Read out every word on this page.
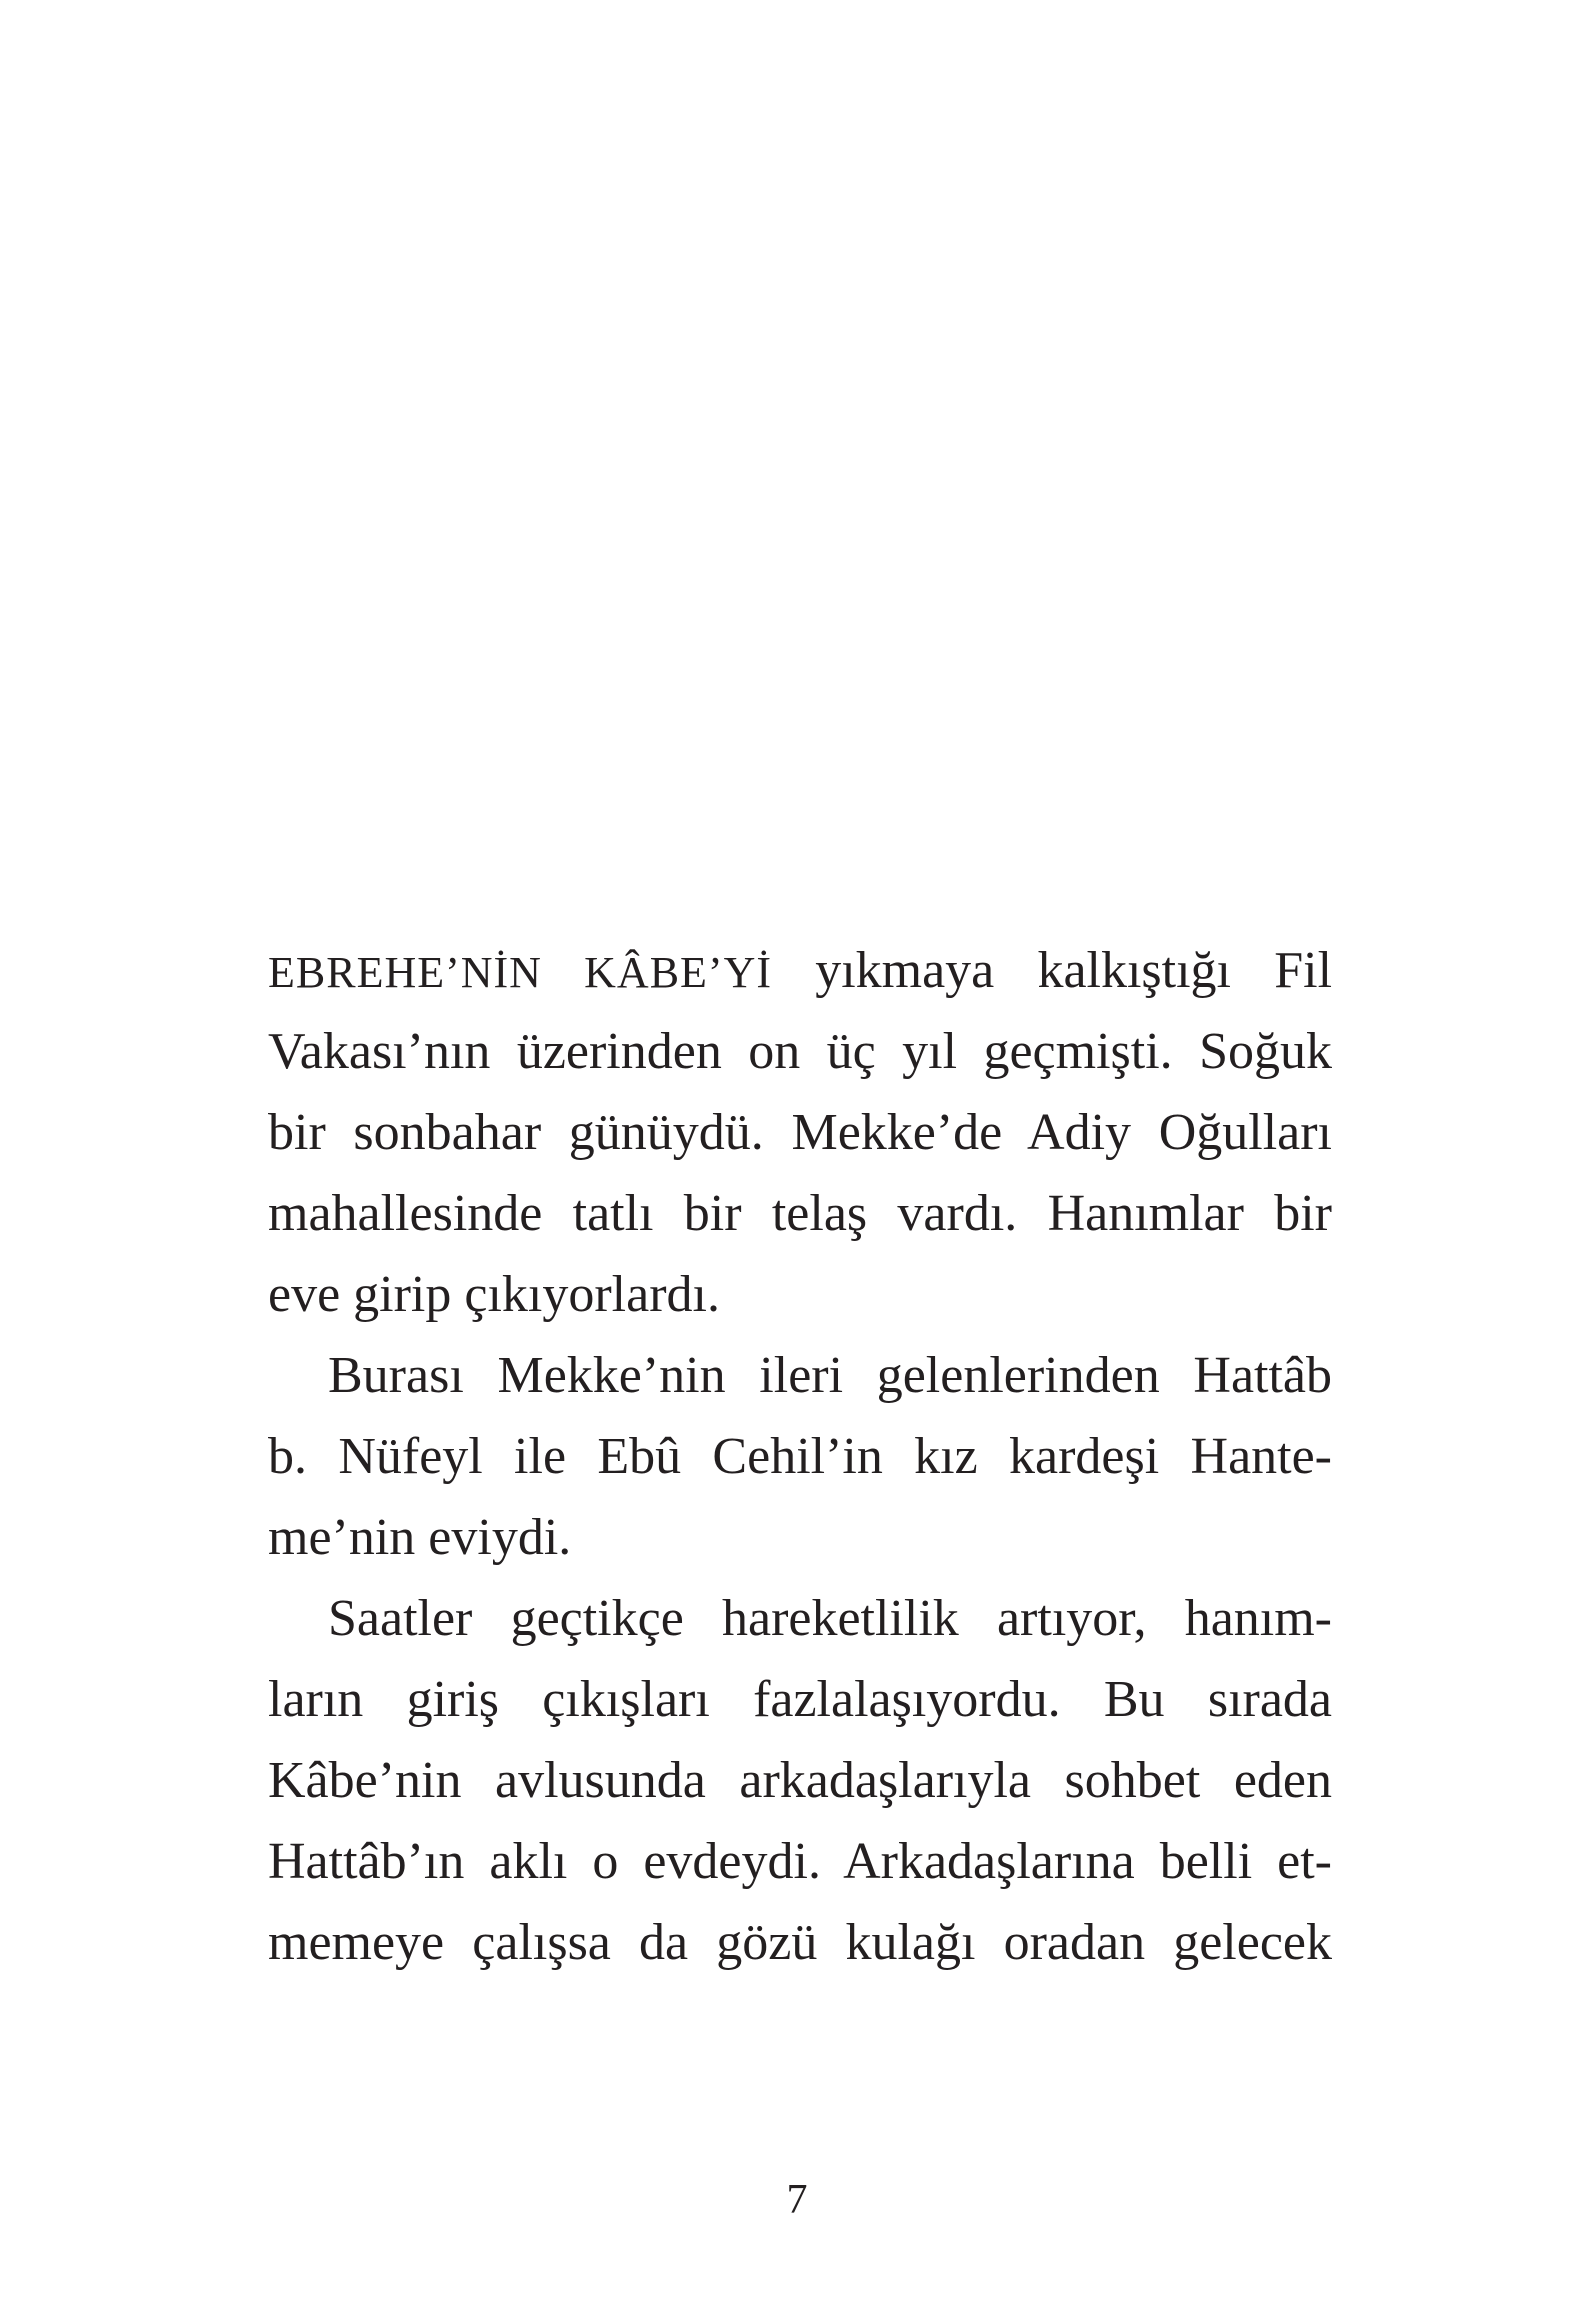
EBREHE’NİN KÂBE’Yİ yıkmaya kalkıştığı Fil
Vakası’nın üzerinden on üç yıl geçmişti. Soğuk
bir sonbahar günüydü. Mekke’de Adiy Oğulları
mahallesinde tatlı bir telaş vardı. Hanımlar bir
eve girip çıkıyorlardı.
Burası Mekke’nin ileri gelenlerinden Hattâb
b. Nüfeyl ile Ebû Cehil’in kız kardeşi Hante-
me’nin eviydi.
Saatler geçtikçe hareketlilik artıyor, hanım-
ların giriş çıkışları fazlalaşıyordu. Bu sırada
Kâbe’nin avlusunda arkadaşlarıyla sohbet eden
Hattâb’ın aklı o evdeydi. Arkadaşlarına belli et-
memeye çalışsa da gözü kulağı oradan gelecek
7
